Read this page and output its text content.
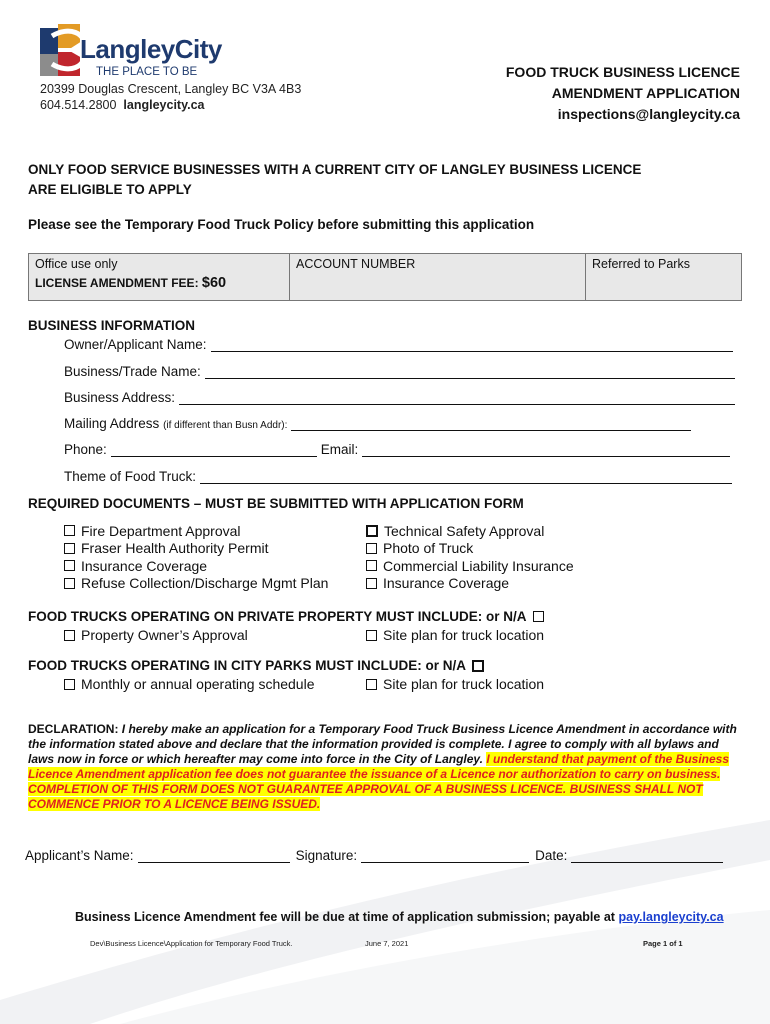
LangleyCity
THE PLACE TO BE
20399 Douglas Crescent, Langley BC V3A 4B3
604.514.2800 langleycity.ca
FOOD TRUCK BUSINESS LICENCE
AMENDMENT APPLICATION
inspections@langleycity.ca
ONLY FOOD SERVICE BUSINESSES WITH A CURRENT CITY OF LANGLEY BUSINESS LICENCE
ARE ELIGIBLE TO APPLY
Please see the Temporary Food Truck Policy before submitting this application
Office use only
LICENSE AMENDMENT FEE: $60
ACCOUNT NUMBER	Referred to Parks
BUSINESS INFORMATION
Owner/Applicant Name:
Business/Trade Name:
Business Address:
Mailing Address
(if different than Busn Addr):
Phone:	Email:
Theme of Food Truck:
REQUIRED DOCUMENTS – MUST BE SUBMITTED WITH APPLICATION FORM
Fire Department Approval
Fraser Health Authority Permit
Insurance Coverage
Refuse Collection/Discharge Mgmt Plan
Technical Safety Approval
Photo of Truck
Commercial Liability Insurance
Insurance Coverage
FOOD TRUCKS OPERATING ON PRIVATE PROPERTY MUST INCLUDE: or N/A
Property Owner’s Approval	Site plan for truck location
FOOD TRUCKS OPERATING IN CITY PARKS MUST INCLUDE: or N/A
Monthly or annual operating schedule	Site plan for truck location
DECLARATION: I hereby make an application for a Temporary Food Truck Business Licence Amendment in accordance with the information stated above and declare that the information provided is complete. I agree to comply with all bylaws and laws now in force or which hereafter may come into force in the City of Langley. I understand that payment of the Business Licence Amendment application fee does not guarantee the issuance of a Licence nor authorization to carry on business. COMPLETION OF THIS FORM DOES NOT GUARANTEE APPROVAL OF A BUSINESS LICENCE. BUSINESS SHALL NOT COMMENCE PRIOR TO A LICENCE BEING ISSUED.
Applicant’s Name:	Signature:	Date:
Business Licence Amendment fee will be due at time of application submission; payable at pay.langleycity.ca
Dev\Business Licence\Application for Temporary Food Truck.	June 7, 2021	Page 1 of 1
